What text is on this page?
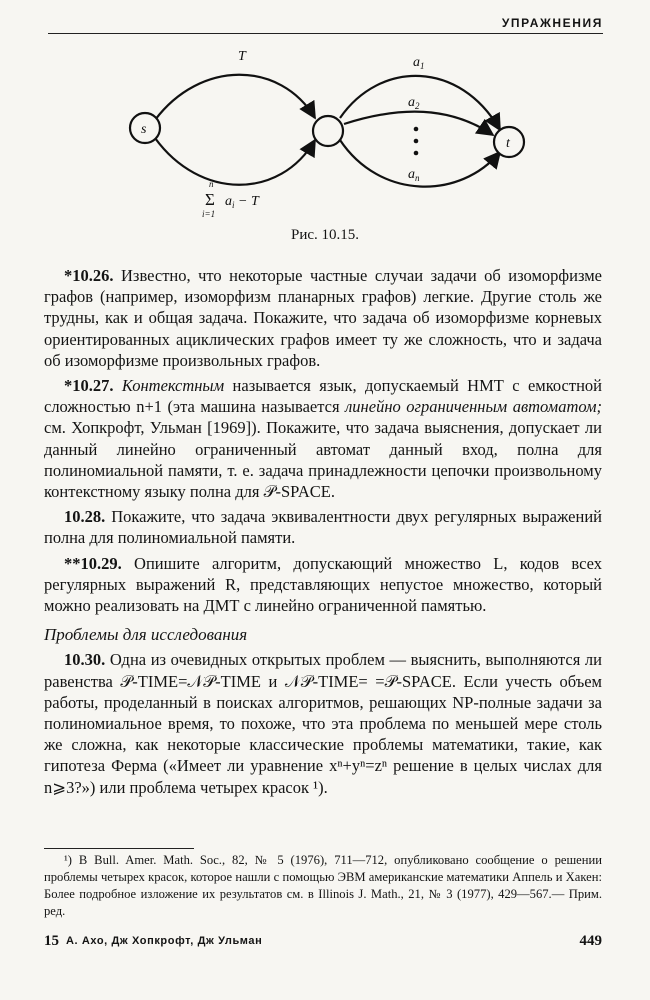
УПРАЖНЕНИЯ
s
t
T	$a_1$
$a_2$
$a_n$
n
Σ
i=1
$a_i - T$
Рис. 10.15.

*10.26. Известно, что некоторые частные случаи задачи об изоморфизме графов (например, изоморфизм планарных графов) легкие. Другие столь же трудны, как и общая задача. Покажите, что задача об изоморфизме корневых ориентированных ациклических графов имеет ту же сложность, что и задача об изоморфизме произвольных графов.

*10.27. Контекстным называется язык, допускаемый НМТ с емкостной сложностью n+1 (эта машина называется линейно ограниченным автоматом; см. Хопкрофт, Ульман [1969]). Покажите, что задача выяснения, допускает ли данный линейно ограниченный автомат данный вход, полна для полиномиальной памяти, т. е. задача принадлежности цепочки произвольному контекстному языку полна для 𝒫-SPACE.

10.28. Покажите, что задача эквивалентности двух регулярных выражений полна для полиномиальной памяти.

**10.29. Опишите алгоритм, допускающий множество L, кодов всех регулярных выражений R, представляющих непустое множество, который можно реализовать на ДМТ с линейно ограниченной памятью.

Проблемы для исследования

10.30. Одна из очевидных открытых проблем — выяснить, выполняются ли равенства 𝒫-TIME=𝒩𝒫-TIME и 𝒩𝒫-TIME= =𝒫-SPACE. Если учесть объем работы, проделанный в поисках алгоритмов, решающих NP-полные задачи за полиномиальное время, то похоже, что эта проблема по меньшей мере столь же сложна, как некоторые классические проблемы математики, такие, как гипотеза Ферма («Имеет ли уравнение xⁿ+yⁿ=zⁿ решение в целых числах для n⩾3?») или проблема четырех красок ¹).

¹) В Bull. Amer. Math. Soc., 82, № 5 (1976), 711—712, опубликовано сообщение о решении проблемы четырех красок, которое нашли с помощью ЭВМ американские математики Аппель и Хакен: Более подробное изложение их результатов см. в Illinois J. Math., 21, № 3 (1977), 429—567.— Прим. ред.

15 А. Ахо, Дж Хопкрофт, Дж Ульман	449
